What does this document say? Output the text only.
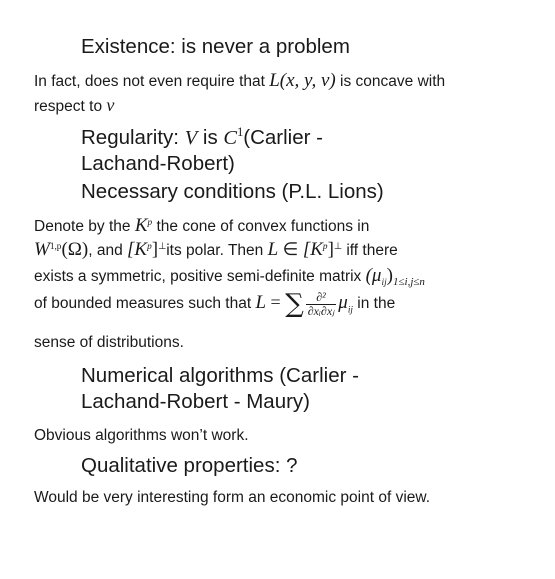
Existence: is never a problem
In fact, does not even require that L(x, y, v) is concave with
respect to v
Regularity: V is $C^1(Carlier$ -
Lachand-Robert)
Necessary conditions (P.L. Lions)
Denote by the $K^p$ the cone of convex functions in
W$^{1,p}$(Ω), and $[K^p]^\perp its$ polar. Then L ∈ $[K^p]^\perp$ iff there
exists a symmetric, positive semi-definite matrix $(\mu_{ij})_{1\le i,j\le n}$
of bounded measures such that L = ∑ $\frac{\text{∂²}}{\text{∂xᵢ∂xⱼ}} \mu_{ij}$ in the
sense of distributions.
Numerical algorithms (Carlier -
Lachand-Robert - Maury)
Obvious algorithms won’t work.
Qualitative properties: ?
Would be very interesting form an economic point of view.
